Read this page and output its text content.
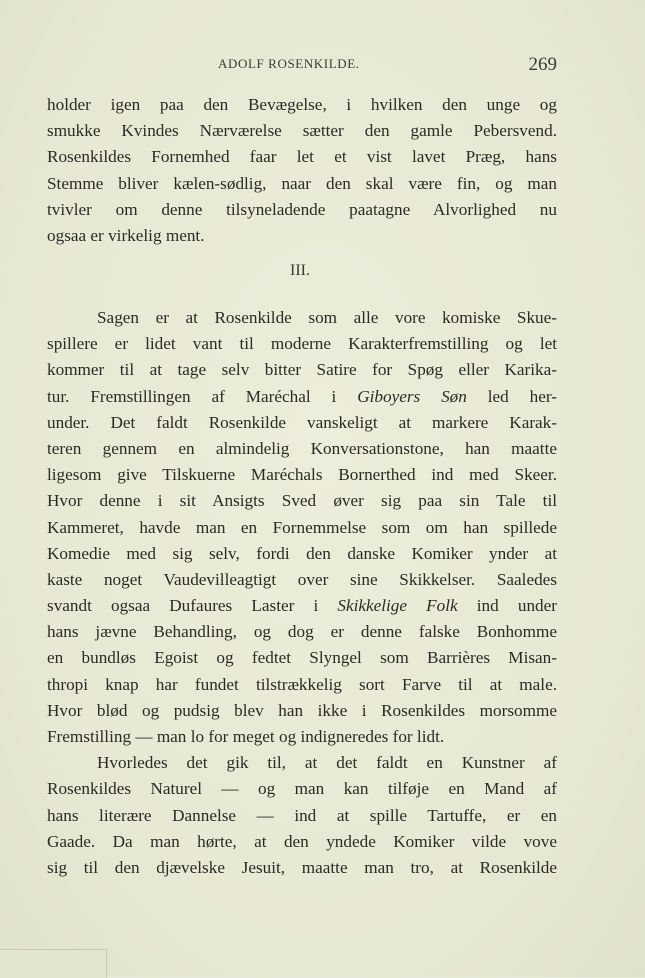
ADOLF ROSENKILDE.	269
holder igen paa den Bevægelse, i hvilken den unge og
smukke Kvindes Nærværelse sætter den gamle Pebersvend.
Rosenkildes Fornemhed faar let et vist lavet Præg, hans
Stemme bliver kælen-sødlig, naar den skal være fin, og man
tvivler om denne tilsyneladende paatagne Alvorlighed nu
ogsaa er virkelig ment.
III.
Sagen er at Rosenkilde som alle vore komiske Skue-
spillere er lidet vant til moderne Karakterfremstilling og let
kommer til at tage selv bitter Satire for Spøg eller Karika-
tur. Fremstillingen af Maréchal i Giboyers Søn led her-
under. Det faldt Rosenkilde vanskeligt at markere Karak-
teren gennem en almindelig Konversationstone, han maatte
ligesom give Tilskuerne Maréchals Bornerthed ind med Skeer.
Hvor denne i sit Ansigts Sved øver sig paa sin Tale til
Kammeret, havde man en Fornemmelse som om han spillede
Komedie med sig selv, fordi den danske Komiker ynder at
kaste noget Vaudevilleagtigt over sine Skikkelser. Saaledes
svandt ogsaa Dufaures Laster i Skikkelige Folk ind under
hans jævne Behandling, og dog er denne falske Bonhomme
en bundløs Egoist og fedtet Slyngel som Barrières Misan-
thropi knap har fundet tilstrækkelig sort Farve til at male.
Hvor blød og pudsig blev han ikke i Rosenkildes morsomme
Fremstilling — man lo for meget og indigneredes for lidt.
Hvorledes det gik til, at det faldt en Kunstner af
Rosenkildes Naturel — og man kan tilføje en Mand af
hans literære Dannelse — ind at spille Tartuffe, er en
Gaade. Da man hørte, at den yndede Komiker vilde vove
sig til den djævelske Jesuit, maatte man tro, at Rosenkilde
